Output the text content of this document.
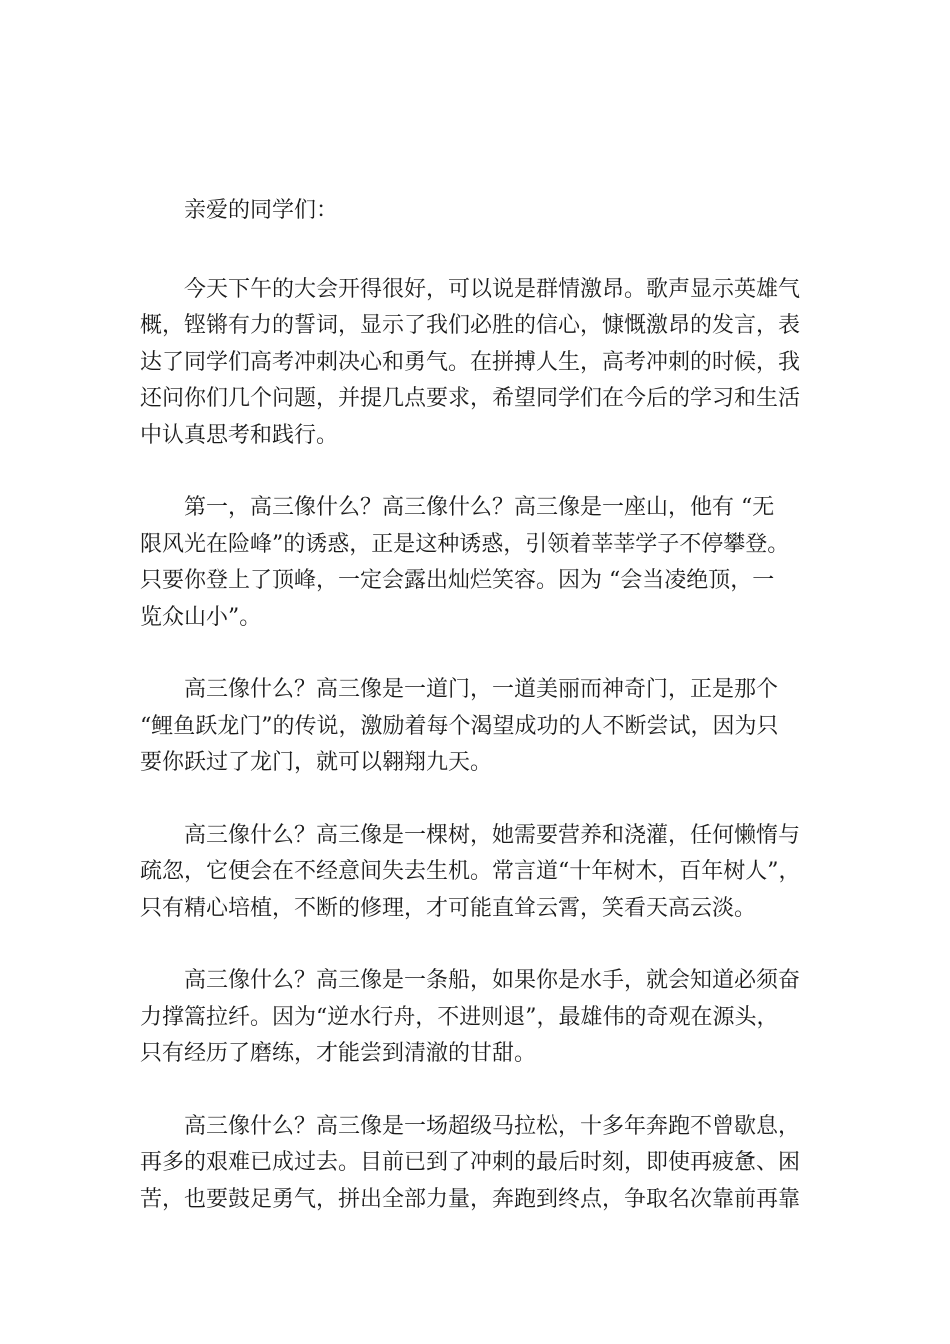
亲爱的同学们：

今天下午的大会开得很好，可以说是群情激昂。歌声显示英雄气
概，铿锵有力的誓词，显示了我们必胜的信心，慷慨激昂的发言，表
达了同学们高考冲刺决心和勇气。在拼搏人生，高考冲刺的时候，我
还问你们几个问题，并提几点要求，希望同学们在今后的学习和生活
中认真思考和践行。

第一，高三像什么？高三像什么？高三像是一座山，他有 “无
限风光在险峰”的诱惑，正是这种诱惑，引领着莘莘学子不停攀登。
只要你登上了顶峰，一定会露出灿烂笑容。因为 “会当凌绝顶，一
览众山小”。

高三像什么？高三像是一道门，一道美丽而神奇门，正是那个
“鲤鱼跃龙门”的传说，激励着每个渴望成功的人不断尝试，因为只
要你跃过了龙门，就可以翱翔九天。

高三像什么？高三像是一棵树，她需要营养和浇灌，任何懒惰与
疏忽，它便会在不经意间失去生机。常言道“十年树木，百年树人”，
只有精心培植，不断的修理，才可能直耸云霄，笑看天高云淡。

高三像什么？高三像是一条船，如果你是水手，就会知道必须奋
力撑篙拉纤。因为“逆水行舟，不进则退”，最雄伟的奇观在源头，
只有经历了磨练，才能尝到清澈的甘甜。

高三像什么？高三像是一场超级马拉松，十多年奔跑不曾歇息，
再多的艰难已成过去。目前已到了冲刺的最后时刻，即使再疲惫、困
苦，也要鼓足勇气，拼出全部力量，奔跑到终点，争取名次靠前再靠
